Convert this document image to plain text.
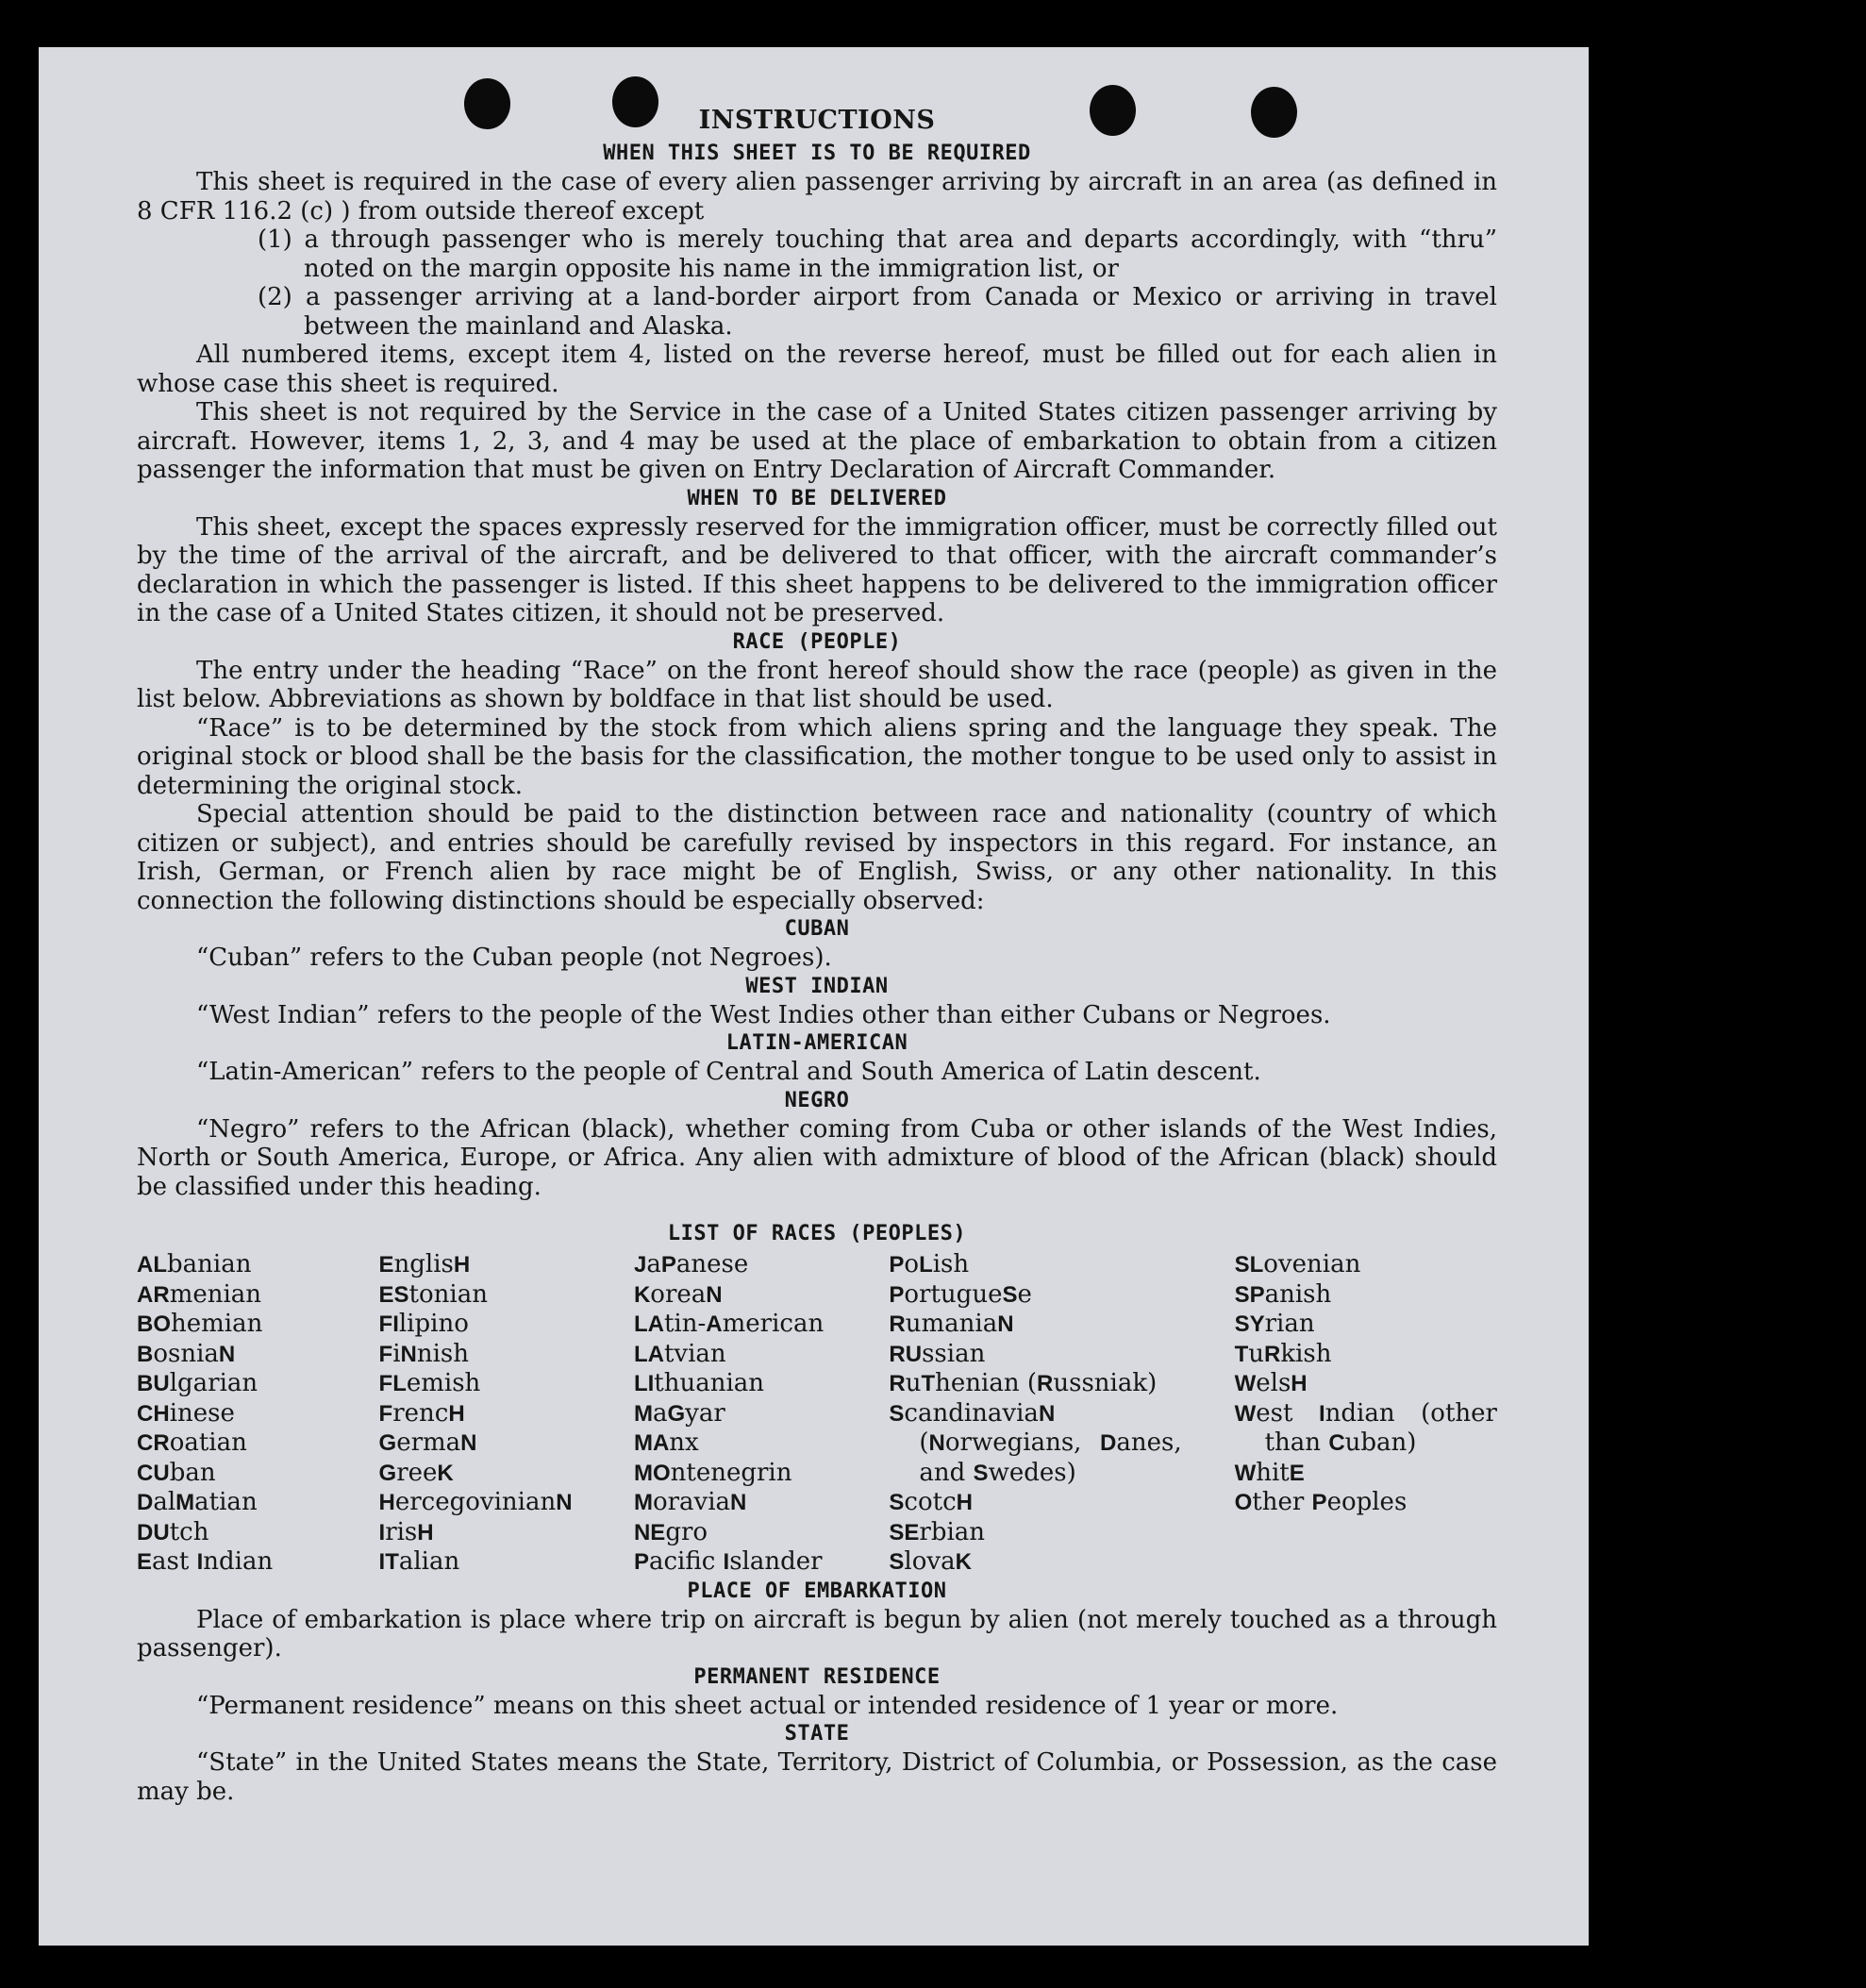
INSTRUCTIONS
WHEN THIS SHEET IS TO BE REQUIRED

This sheet is required in the case of every alien passenger arriving by aircraft in an area (as defined in 8 CFR 116.2 (c) ) from outside thereof except

(1) a through passenger who is merely touching that area and departs accordingly, with “thru” noted on the margin opposite his name in the immigration list, or

(2) a passenger arriving at a land-border airport from Canada or Mexico or arriving in travel between the mainland and Alaska.

All numbered items, except item 4, listed on the reverse hereof, must be filled out for each alien in whose case this sheet is required.

This sheet is not required by the Service in the case of a United States citizen passenger arriving by aircraft. However, items 1, 2, 3, and 4 may be used at the place of embarkation to obtain from a citizen passenger the information that must be given on Entry Declaration of Aircraft Commander.

WHEN TO BE DELIVERED

This sheet, except the spaces expressly reserved for the immigration officer, must be correctly filled out by the time of the arrival of the aircraft, and be delivered to that officer, with the aircraft commander’s declaration in which the passenger is listed. If this sheet happens to be delivered to the immigration officer in the case of a United States citizen, it should not be preserved.

RACE (PEOPLE)

The entry under the heading “Race” on the front hereof should show the race (people) as given in the list below. Abbreviations as shown by boldface in that list should be used.

“Race” is to be determined by the stock from which aliens spring and the language they speak. The original stock or blood shall be the basis for the classification, the mother tongue to be used only to assist in determining the original stock.

Special attention should be paid to the distinction between race and nationality (country of which citizen or subject), and entries should be carefully revised by inspectors in this regard. For instance, an Irish, German, or French alien by race might be of English, Swiss, or any other nationality. In this connection the following distinctions should be especially observed:

CUBAN

“Cuban” refers to the Cuban people (not Negroes).

WEST INDIAN

“West Indian” refers to the people of the West Indies other than either Cubans or Negroes.

LATIN-AMERICAN

“Latin-American” refers to the people of Central and South America of Latin descent.

NEGRO

“Negro” refers to the African (black), whether coming from Cuba or other islands of the West Indies, North or South America, Europe, or Africa. Any alien with admixture of blood of the African (black) should be classified under this heading.

LIST OF RACES (PEOPLES)
ALbanian
ARmenian
BOhemian
BosniaN
BUlgarian
CHinese
CRoatian
CUban
DalMatian
DUtch
East Indian
EnglisH
EStonian
FIlipino
FiNnish
FLemish
FrencH
GermaN
GreeK
HercegovinianN
IrisH
ITalian
JaPanese
KoreaN
LAtin-American
LAtvian
LIthuanian
MaGyar
MAnx
MOntenegrin
MoraviaN
NEgro
Pacific Islander
PoLish
PortugueSe
RumaniaN
RUssian
RuThenian (Russniak)
ScandinaviaN (Norwegians, Danes, and Swedes)
ScotcH
SErbian
SlovaK
SLovenian
SPanish
SYrian
TuRkish
WelsH
West Indian (other than Cuban)
WhitE
Other Peoples
PLACE OF EMBARKATION

Place of embarkation is place where trip on aircraft is begun by alien (not merely touched as a through passenger).

PERMANENT RESIDENCE

“Permanent residence” means on this sheet actual or intended residence of 1 year or more.

STATE

“State” in the United States means the State, Territory, District of Columbia, or Possession, as the case may be.
